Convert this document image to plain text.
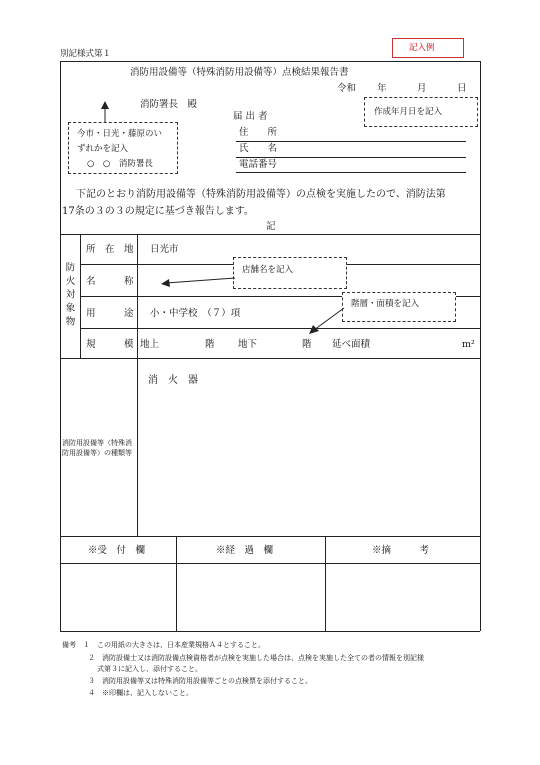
別記様式第１
記入例
消防用設備等（特殊消防用設備等）点検結果報告書
令和 年	月	日
作成年月日を記入
消防署長　殿
今市・日光・藤原のい
ずれかを記入
○　○　消防署長
届 出 者
住　　所
氏　　名
電話番号
下記のとおり消防用設備等（特殊消防用設備等）の点検を実施したので、消防法第
17条の３の３の規定に基づき報告します。
記
防火対象物
所　在　地 日光市
名　　　称
用　　　途 小・中学校　（７）項
規　　　模 地上	階 地下	階 延べ面積	m²
店舗名を記入
階層・面積を記入
消防用設備等（特殊消
防用設備等）の種類等
消　火　器
※受　付　欄	※経　過　欄	※摘　　　考
備考　１　この用紙の大きさは、日本産業規格Ａ４とすること。
２　消防設備士又は消防設備点検資格者が点検を実施した場合は、点検を実施した全ての者の情報を別記様
式第３に記入し、添付すること。
３　消防用設備等又は特殊消防用設備等ごとの点検票を添付すること。
４　※印欄は、記入しないこと。
